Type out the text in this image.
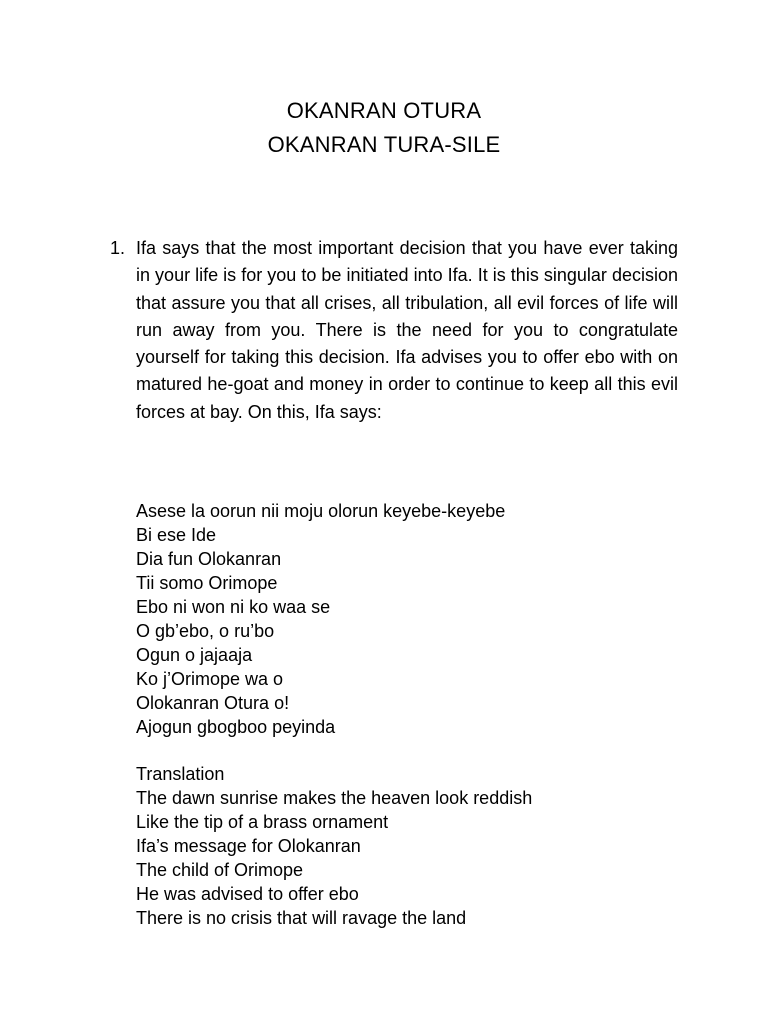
OKANRAN OTURA
OKANRAN TURA-SILE
1. Ifa says that the most important decision that you have ever taking in your life is for you to be initiated into Ifa. It is this singular decision that assure you that all crises, all tribulation, all evil forces of life will run away from you. There is the need for you to congratulate yourself for taking this decision. Ifa advises you to offer ebo with on matured he-goat and money in order to continue to keep all this evil forces at bay. On this, Ifa says:
Asese la oorun nii moju olorun keyebe-keyebe
Bi ese Ide
Dia fun Olokanran
Tii somo Orimope
Ebo ni won ni ko waa se
O gb’ebo, o ru’bo
Ogun o jajaaja
Ko j’Orimope wa o
Olokanran Otura o!
Ajogun gbogboo peyinda
Translation
The dawn sunrise makes the heaven look reddish
Like the tip of a brass ornament
Ifa’s message for Olokanran
The child of Orimope
He was advised to offer ebo
There is no crisis that will ravage the land
